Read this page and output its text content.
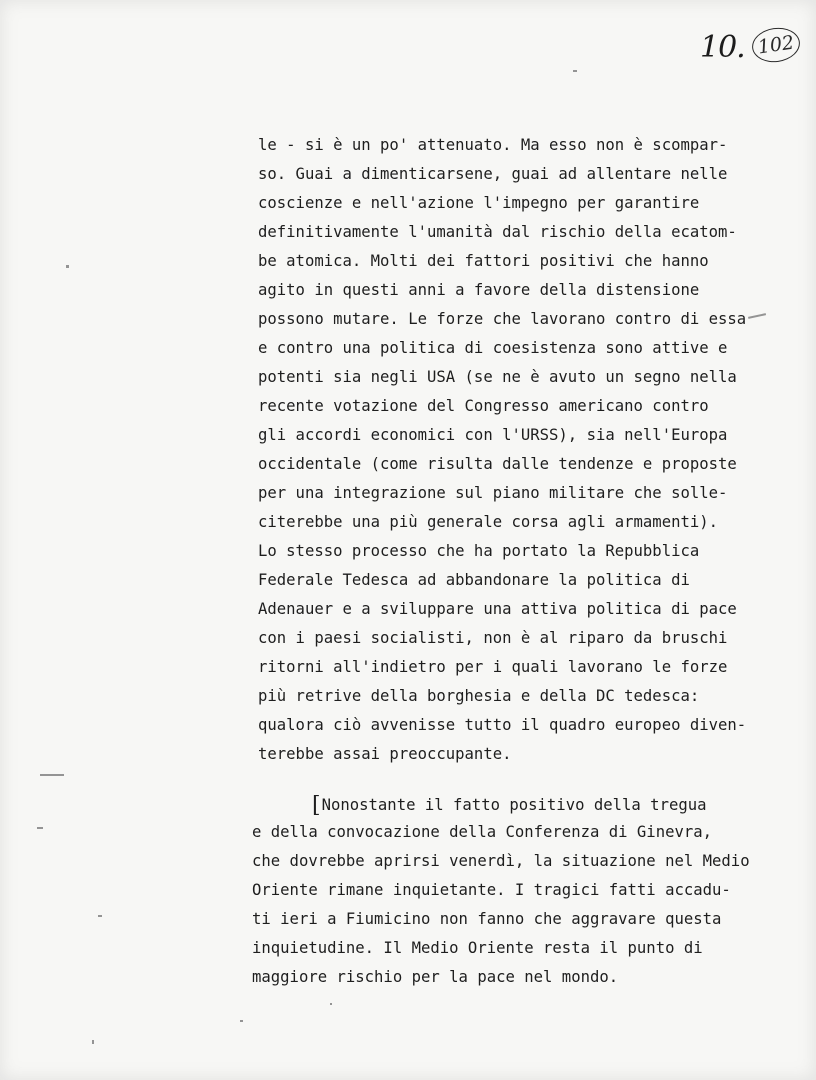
10. 102
le - si è un po' attenuato. Ma esso non è scompar-
so. Guai a dimenticarsene, guai ad allentare nelle
coscienze e nell'azione l'impegno per garantire
definitivamente l'umanità dal rischio della ecatom-
be atomica. Molti dei fattori positivi che hanno
agito in questi anni a favore della distensione
possono mutare. Le forze che lavorano contro di essa
e contro una politica di coesistenza sono attive e
potenti sia negli USA (se ne è avuto un segno nella
recente votazione del Congresso americano contro
gli accordi economici con l'URSS), sia nell'Europa
occidentale (come risulta dalle tendenze e proposte
per una integrazione sul piano militare che solle-
citerebbe una più generale corsa agli armamenti).
Lo stesso processo che ha portato la Repubblica
Federale Tedesca ad abbandonare la politica di
Adenauer e a sviluppare una attiva politica di pace
con i paesi socialisti, non è al riparo da bruschi
ritorni all'indietro per i quali lavorano le forze
più retrive della borghesia e della DC tedesca:
qualora ciò avvenisse tutto il quadro europeo diven-
terebbe assai preoccupante.
[Nonostante il fatto positivo della tregua
e della convocazione della Conferenza di Ginevra,
che dovrebbe aprirsi venerdì, la situazione nel Medio
Oriente rimane inquietante. I tragici fatti accadu-
ti ieri a Fiumicino non fanno che aggravare questa
inquietudine. Il Medio Oriente resta il punto di
maggiore rischio per la pace nel mondo.
